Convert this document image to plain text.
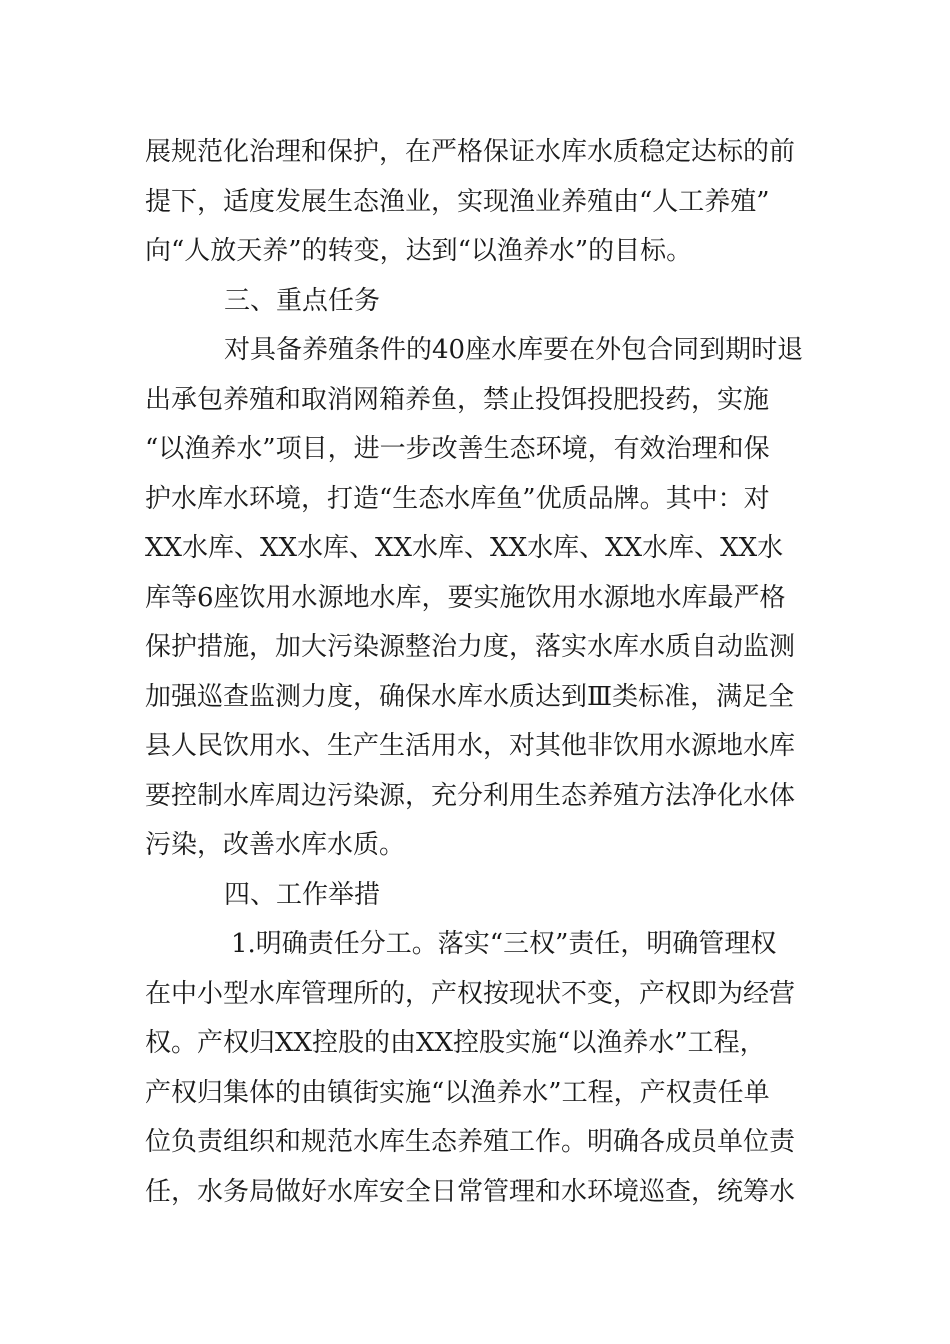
展规范化治理和保护，在严格保证水库水质稳定达标的前
提下，适度发展生态渔业，实现渔业养殖由“人工养殖”
向“人放天养”的转变，达到“以渔养水”的目标。
三、重点任务
对具备养殖条件的40座水库要在外包合同到期时退
出承包养殖和取消网箱养鱼，禁止投饵投肥投药，实施
“以渔养水”项目，进一步改善生态环境，有效治理和保
护水库水环境，打造“生态水库鱼”优质品牌。其中：对
XX水库、XX水库、XX水库、XX水库、XX水库、XX水
库等6座饮用水源地水库，要实施饮用水源地水库最严格
保护措施，加大污染源整治力度，落实水库水质自动监测
加强巡查监测力度，确保水库水质达到Ⅲ类标准，满足全
县人民饮用水、生产生活用水，对其他非饮用水源地水库
要控制水库周边污染源，充分利用生态养殖方法净化水体
污染，改善水库水质。
四、工作举措
1.明确责任分工。落实“三权”责任，明确管理权
在中小型水库管理所的，产权按现状不变，产权即为经营
权。产权归XX控股的由XX控股实施“以渔养水”工程，
产权归集体的由镇街实施“以渔养水”工程，产权责任单
位负责组织和规范水库生态养殖工作。明确各成员单位责
任，水务局做好水库安全日常管理和水环境巡查，统筹水
